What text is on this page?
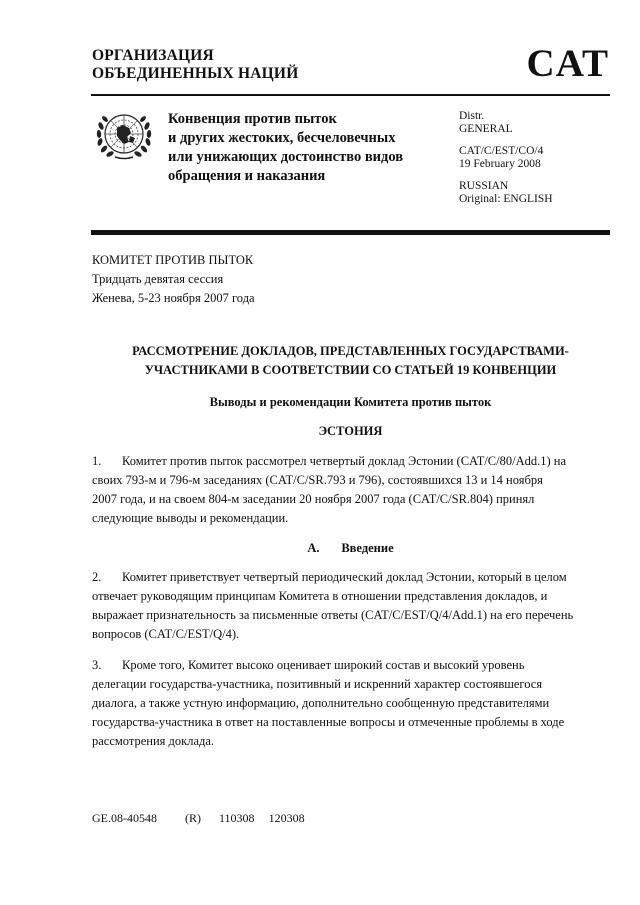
ОРГАНИЗАЦИЯ
ОБЪЕДИНЕННЫХ НАЦИЙ	CAT
Конвенция против пыток
и других жестоких, бесчеловечных
или унижающих достоинство видов
обращения и наказания
Distr.
GENERAL
CAT/C/EST/CO/4
19 February 2008
RUSSIAN
Original: ENGLISH
КОМИТЕТ ПРОТИВ ПЫТОК
Тридцать девятая сессия
Женева, 5-23 ноября 2007 года
РАССМОТРЕНИЕ ДОКЛАДОВ, ПРЕДСТАВЛЕННЫХ ГОСУДАРСТВАМИ-
УЧАСТНИКАМИ В СООТВЕТСТВИИ СО СТАТЬЕЙ 19 КОНВЕНЦИИ
Выводы и рекомендации Комитета против пыток
ЭСТОНИЯ
1. Комитет против пыток рассмотрел четвертый доклад Эстонии (CAT/C/80/Add.1) на
своих 793-м и 796-м заседаниях (CAT/C/SR.793 и 796), состоявшихся 13 и 14 ноября
2007 года, и на своем 804-м заседании 20 ноября 2007 года (CAT/C/SR.804) принял
следующие выводы и рекомендации.
A. Введение
2. Комитет приветствует четвертый периодический доклад Эстонии, который в целом
отвечает руководящим принципам Комитета в отношении представления докладов, и
выражает признательность за письменные ответы (CAT/C/EST/Q/4/Add.1) на его перечень
вопросов (CAT/C/EST/Q/4).
3. Кроме того, Комитет высоко оценивает широкий состав и высокий уровень
делегации государства-участника, позитивный и искренний характер состоявшегося
диалога, а также устную информацию, дополнительно сообщенную представителями
государства-участника в ответ на поставленные вопросы и отмеченные проблемы в ходе
рассмотрения доклада.
GE.08-40548 (R) 110308 120308
